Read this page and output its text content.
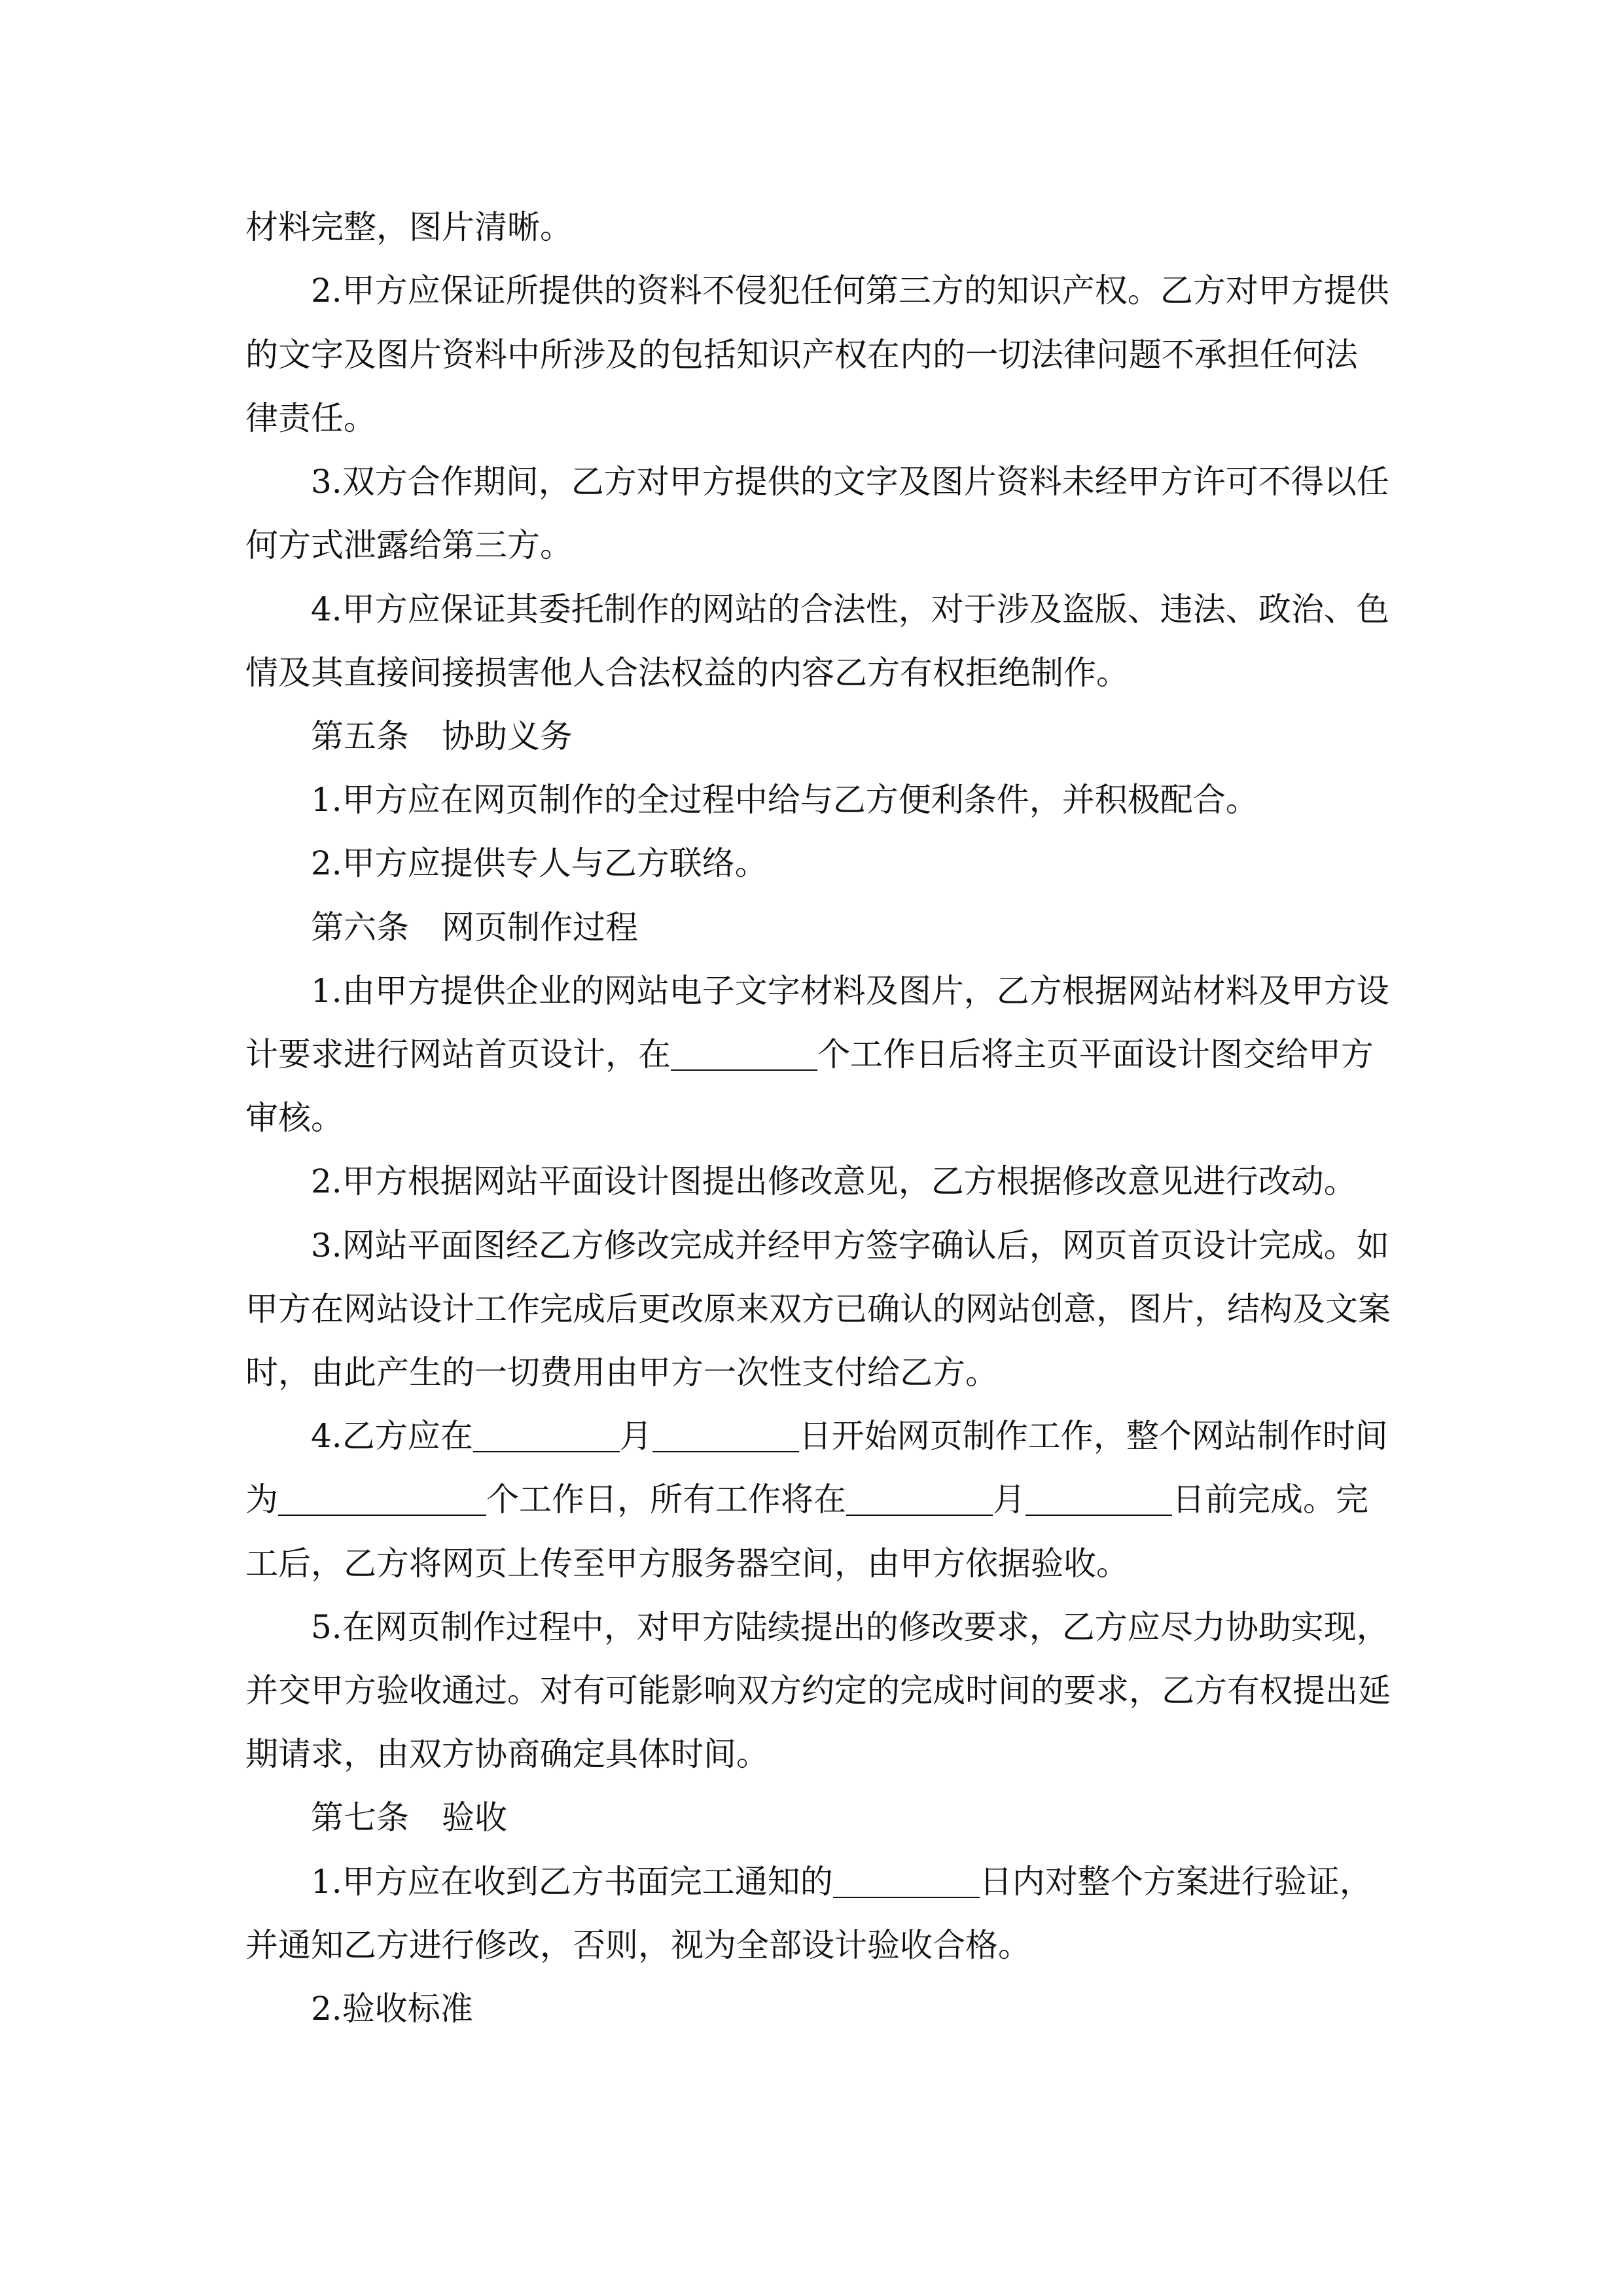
材料完整，图片清晰。
2.甲方应保证所提供的资料不侵犯任何第三方的知识产权。乙方对甲方提供
的文字及图片资料中所涉及的包括知识产权在内的一切法律问题不承担任何法
律责任。
3.双方合作期间，乙方对甲方提供的文字及图片资料未经甲方许可不得以任
何方式泄露给第三方。
4.甲方应保证其委托制作的网站的合法性，对于涉及盗版、违法、政治、色
情及其直接间接损害他人合法权益的内容乙方有权拒绝制作。
第五条　协助义务
1.甲方应在网页制作的全过程中给与乙方便利条件，并积极配合。
2.甲方应提供专人与乙方联络。
第六条　网页制作过程
1.由甲方提供企业的网站电子文字材料及图片，乙方根据网站材料及甲方设
计要求进行网站首页设计，在	个工作日后将主页平面设计图交给甲方
审核。
2.甲方根据网站平面设计图提出修改意见，乙方根据修改意见进行改动。
3.网站平面图经乙方修改完成并经甲方签字确认后，网页首页设计完成。如
甲方在网站设计工作完成后更改原来双方已确认的网站创意，图片，结构及文案
时，由此产生的一切费用由甲方一次性支付给乙方。
4.乙方应在	月	日开始网页制作工作，整个网站制作时间
为	个工作日，所有工作将在	月	日前完成。完
工后，乙方将网页上传至甲方服务器空间，由甲方依据验收。
5.在网页制作过程中，对甲方陆续提出的修改要求，乙方应尽力协助实现，
并交甲方验收通过。对有可能影响双方约定的完成时间的要求，乙方有权提出延
期请求，由双方协商确定具体时间。
第七条　验收
1.甲方应在收到乙方书面完工通知的	日内对整个方案进行验证，
并通知乙方进行修改，否则，视为全部设计验收合格。
2.验收标准
